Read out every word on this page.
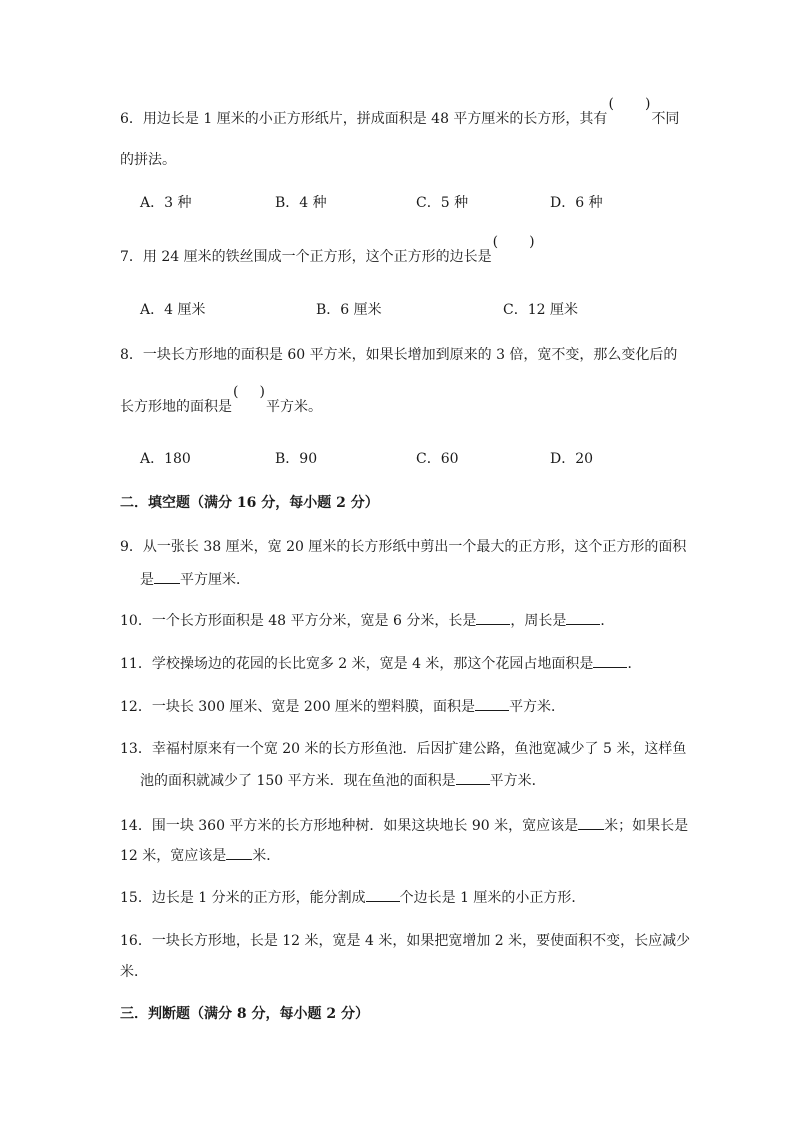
6．用边长是 1 厘米的小正方形纸片，拼成面积是 48 平方厘米的长方形，其有
( )
不同
的拼法。
A．3 种	B．4 种	C．5 种	D．6 种
7．用 24 厘米的铁丝围成一个正方形，这个正方形的边长是
( )
A．4 厘米	B．6 厘米	C．12 厘米
8．一块长方形地的面积是 60 平方米，如果长增加到原来的 3 倍，宽不变，那么变化后的
长方形地的面积是
( )
平方米。
A．180	B．90	C．60	D．20
二．填空题（满分 16 分，每小题 2 分）
9．从一张长 38 厘米，宽 20 厘米的长方形纸中剪出一个最大的正方形，这个正方形的面积
是 平方厘米．
10．一个长方形面积是 48 平方分米，宽是 6 分米，长是 ，周长是 ．
11．学校操场边的花园的长比宽多 2 米，宽是 4 米，那这个花园占地面积是 ．
12．一块长 300 厘米、宽是 200 厘米的塑料膜，面积是 平方米．
13．幸福村原来有一个宽 20 米的长方形鱼池．后因扩建公路，鱼池宽减少了 5 米，这样鱼
池的面积就减少了 150 平方米．现在鱼池的面积是 平方米．
14．围一块 360 平方米的长方形地种树．如果这块地长 90 米，宽应该是 米；如果长是
12 米，宽应该是 米．
15．边长是 1 分米的正方形，能分割成 个边长是 1 厘米的小正方形．
16．一块长方形地，长是 12 米，宽是 4 米，如果把宽增加 2 米，要使面积不变，长应减少
米．
三．判断题（满分 8 分，每小题 2 分）
